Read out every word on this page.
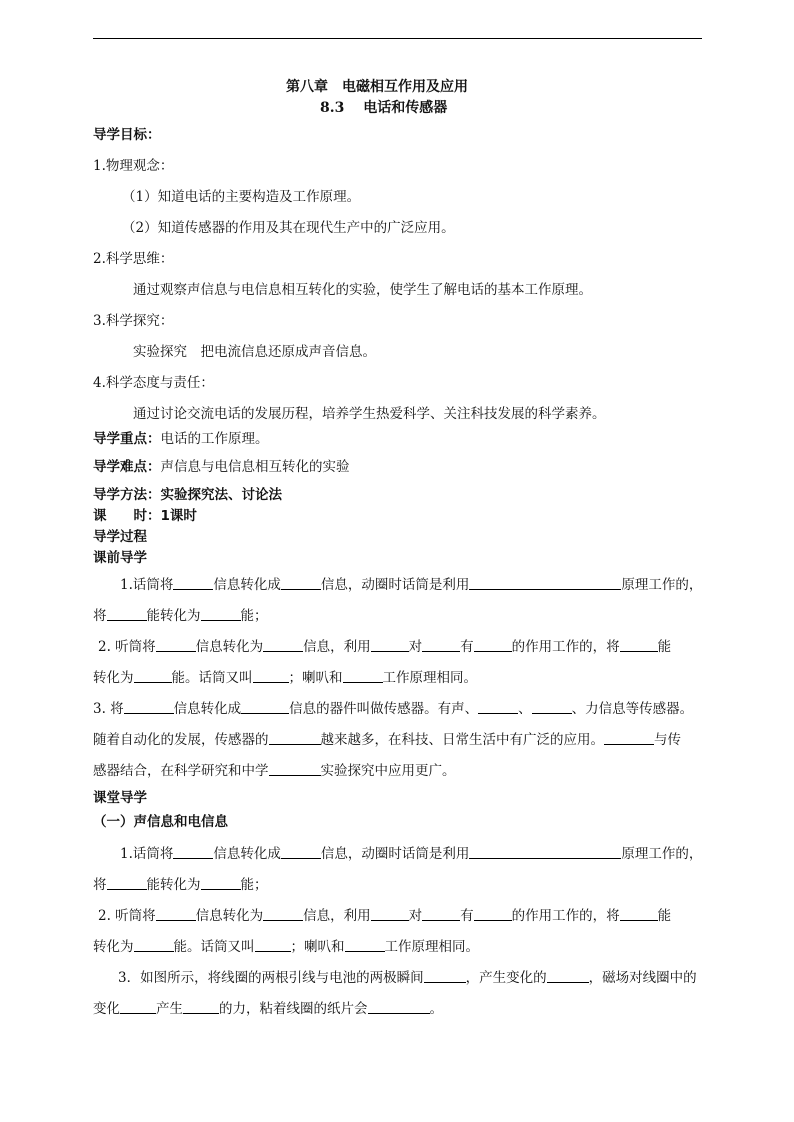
第八章　电磁相互作用及应用
8.3　 电话和传感器
导学目标：
1.物理观念：
（1）知道电话的主要构造及工作原理。
（2）知道传感器的作用及其在现代生产中的广泛应用。
2.科学思维：
通过观察声信息与电信息相互转化的实验，使学生了解电话的基本工作原理。
3.科学探究：
实验探究　把电流信息还原成声音信息。
4.科学态度与责任：
通过讨论交流电话的发展历程，培养学生热爱科学、关注科技发展的科学素养。
导学重点：电话的工作原理。
导学难点：声信息与电信息相互转化的实验
导学方法：实验探究法、讨论法
课　　时：1课时
导学过程
课前导学
1.话筒将	信息转化成	信息，动圈时话筒是利用	原理工作的，
将	能转化为	能；
2. 听筒将	信息转化为	信息，利用	对	有	的作用工作的，将	能
转化为	能。话筒又叫	；喇叭和	工作原理相同。
3. 将	信息转化成	信息的器件叫做传感器。有声、	、	、力信息等传感器。
随着自动化的发展，传感器的	越来越多，在科技、日常生活中有广泛的应用。	与传
感器结合，在科学研究和中学	实验探究中应用更广。
课堂导学
（一）声信息和电信息
1.话筒将	信息转化成	信息，动圈时话筒是利用	原理工作的，
将	能转化为	能；
2. 听筒将	信息转化为	信息，利用	对	有	的作用工作的，将	能
转化为	能。话筒又叫	；喇叭和	工作原理相同。
3．如图所示，将线圈的两根引线与电池的两极瞬间	，产生变化的	，磁场对线圈中的
变化	产生	的力，粘着线圈的纸片会	。
